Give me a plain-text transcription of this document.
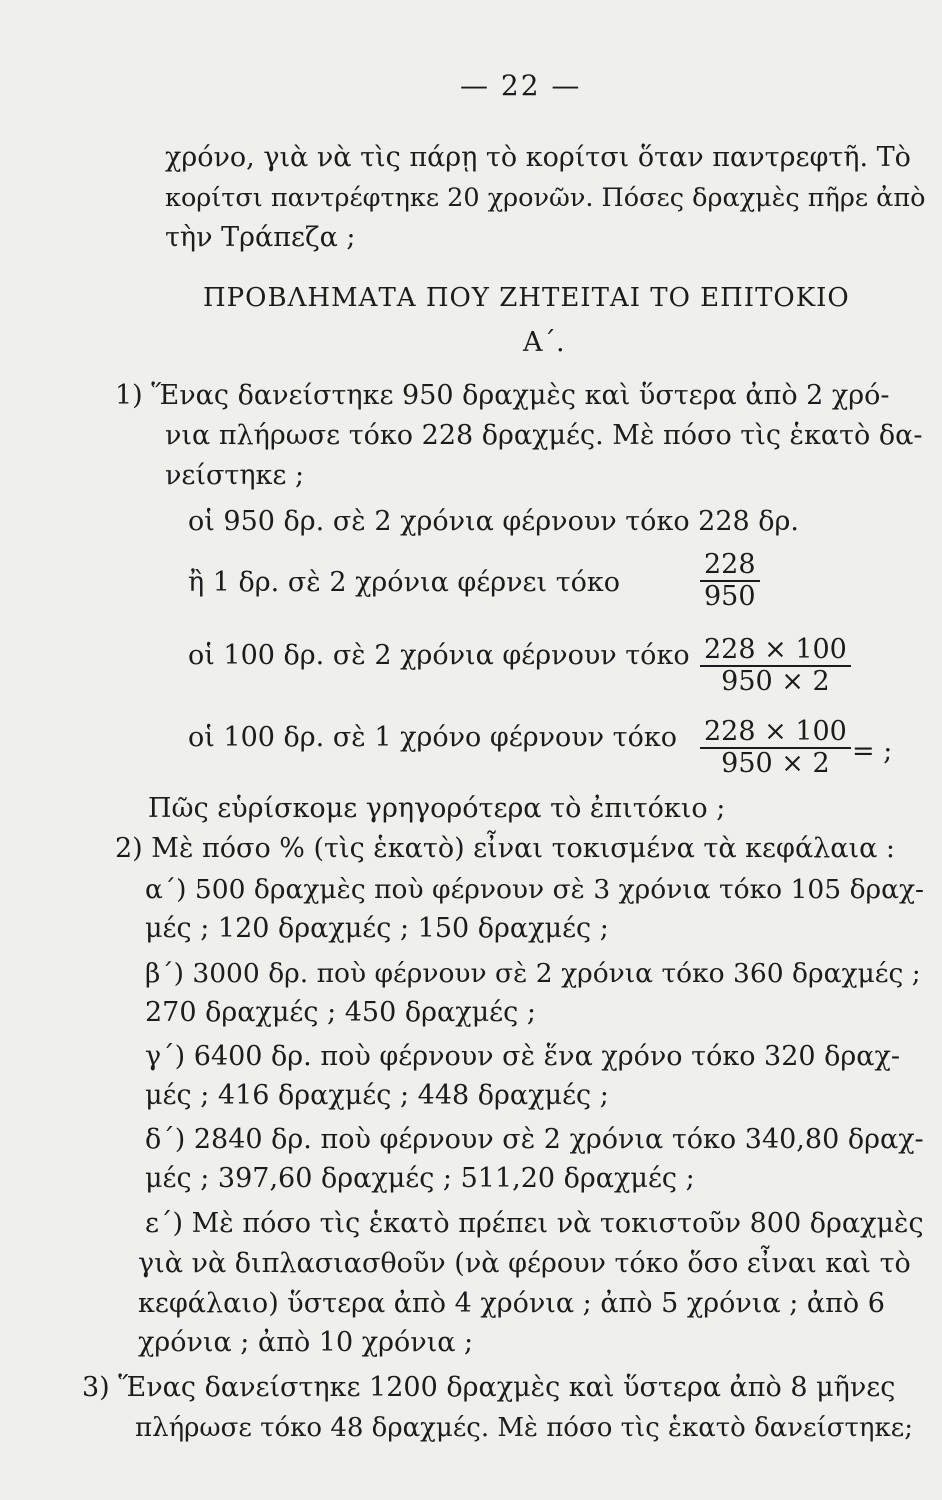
— 22 —
χρόνο, γιὰ νὰ τὶς πάρῃ τὸ κορίτσι ὅταν παντρεφτῆ. Τὸ
κορίτσι παντρέφτηκε 20 χρονῶν. Πόσες δραχμὲς πῆρε ἀπὸ
τὴν Τράπεζα ;
ΠΡΟΒΛΗΜΑΤΑ ΠΟΥ ΖΗΤΕΙΤΑΙ ΤΟ ΕΠΙΤΟΚΙΟ
Α΄.
1) Ἕνας δανείστηκε 950 δραχμὲς καὶ ὕστερα ἀπὸ 2 χρό-
νια πλήρωσε τόκο 228 δραχμές. Μὲ πόσο τὶς ἑκατὸ δα-
νείστηκε ;
οἱ 950 δρ. σὲ 2 χρόνια φέρνουν τόκο 228 δρ.
ἢ 1 δρ. σὲ 2 χρόνια φέρνει τόκο	$\frac{228}{950}$
οἱ 100 δρ. σὲ 2 χρόνια φέρνουν τόκο $\frac{228 \times 100}{950 \times 2}$
οἱ 100 δρ. σὲ 1 χρόνο φέρνουν τόκο $\frac{228 \times 100}{950 \times 2}$ = ;
Πῶς εὑρίσκομε γρηγορότερα τὸ ἐπιτόκιο ;
2) Μὲ πόσο % (τὶς ἑκατὸ) εἶναι τοκισμένα τὰ κεφάλαια :
α΄) 500 δραχμὲς ποὺ φέρνουν σὲ 3 χρόνια τόκο 105 δραχ-
μές ; 120 δραχμές ; 150 δραχμές ;
β΄) 3000 δρ. ποὺ φέρνουν σὲ 2 χρόνια τόκο 360 δραχμές ;
270 δραχμές ; 450 δραχμές ;
γ΄) 6400 δρ. ποὺ φέρνουν σὲ ἕνα χρόνο τόκο 320 δραχ-
μές ; 416 δραχμές ; 448 δραχμές ;
δ΄) 2840 δρ. ποὺ φέρνουν σὲ 2 χρόνια τόκο 340,80 δραχ-
μές ; 397,60 δραχμές ; 511,20 δραχμές ;
ε΄) Μὲ πόσο τὶς ἑκατὸ πρέπει νὰ τοκιστοῦν 800 δραχμὲς
γιὰ νὰ διπλασιασθοῦν (νὰ φέρουν τόκο ὅσο εἶναι καὶ τὸ
κεφάλαιο) ὕστερα ἀπὸ 4 χρόνια ; ἀπὸ 5 χρόνια ; ἀπὸ 6
χρόνια ; ἀπὸ 10 χρόνια ;
3) Ἕνας δανείστηκε 1200 δραχμὲς καὶ ὕστερα ἀπὸ 8 μῆνες
πλήρωσε τόκο 48 δραχμές. Μὲ πόσο τὶς ἑκατὸ δανείστηκε;
